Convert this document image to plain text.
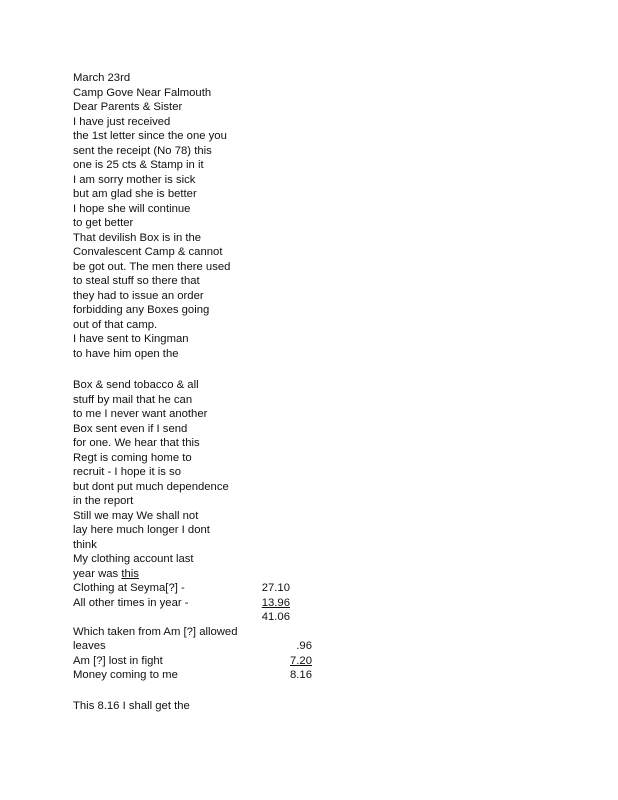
March 23rd
Camp Gove Near Falmouth
Dear Parents & Sister
I have just received
the 1st letter since the one you
sent the receipt (No 78) this
one is 25 cts & Stamp in it
I am sorry mother is sick
but am glad she is better
I hope she will continue
to get better
That devilish Box is in the
Convalescent Camp & cannot
be got out. The men there used
to steal stuff so there that
they had to issue an order
forbidding any Boxes going
out of that camp.
I have sent to Kingman
to have him open the
Box & send tobacco & all
stuff by mail that he can
to me I never want another
Box sent even if I send
for one. We hear that this
Regt is coming home to
recruit - I hope it is so
but dont put much dependence
in the report
Still we may We shall not
lay here much longer I dont
think
My clothing account last
year was this
Clothing at Seyma[?] -	27.10
All other times in year -	13.96
41.06
Which taken from Am [?] allowed
leaves	.96
Am [?] lost in fight	7.20
Money coming to me	8.16
This 8.16 I shall get the
